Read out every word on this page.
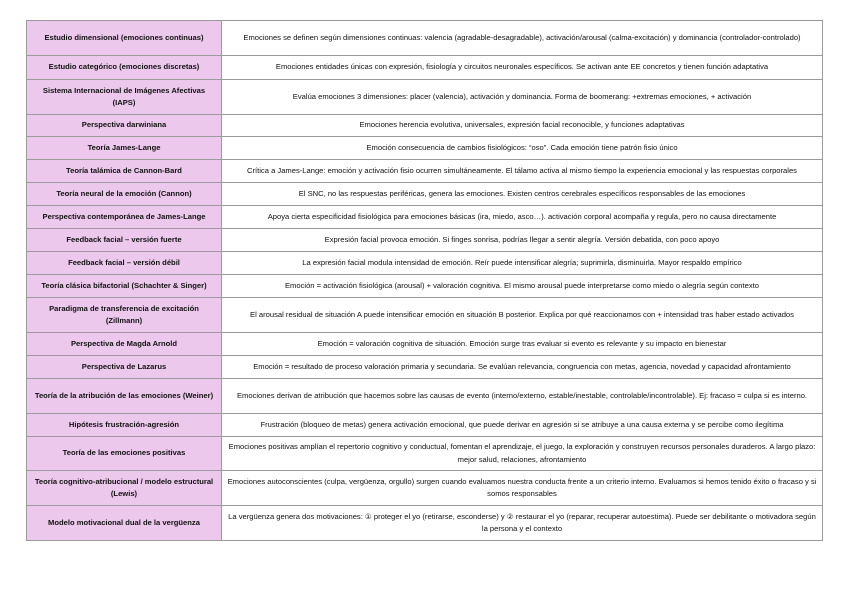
Estudio dimensional (emociones continuas)	Emociones se definen según dimensiones continuas: valencia (agradable-desagradable), activación/arousal (calma-excitación) y dominancia (controlador-controlado)
Estudio categórico (emociones discretas)	Emociones entidades únicas con expresión, fisiología y circuitos neuronales específicos. Se activan ante EE concretos y tienen función adaptativa
Sistema Internacional de Imágenes Afectivas (IAPS)	Evalúa emociones 3 dimensiones: placer (valencia), activación y dominancia. Forma de boomerang: +extremas emociones, + activación
Perspectiva darwiniana	Emociones herencia evolutiva, universales, expresión facial reconocible, y funciones adaptativas
Teoría James-Lange	Emoción consecuencia de cambios fisiológicos: “oso”. Cada emoción tiene patrón fisio único
Teoría talámica de Cannon-Bard	Crítica a James-Lange: emoción y activación fisio ocurren simultáneamente. El tálamo activa al mismo tiempo la experiencia emocional y las respuestas corporales
Teoría neural de la emoción (Cannon)	El SNC, no las respuestas periféricas, genera las emociones. Existen centros cerebrales específicos responsables de las emociones
Perspectiva contemporánea de James-Lange	Apoya cierta especificidad fisiológica para emociones básicas (ira, miedo, asco…). activación corporal acompaña y regula, pero no causa directamente
Feedback facial – versión fuerte	Expresión facial provoca emoción. Si finges sonrisa, podrías llegar a sentir alegría. Versión debatida, con poco apoyo
Feedback facial – versión débil	La expresión facial modula intensidad de emoción. Reír puede intensificar alegría; suprimirla, disminuirla. Mayor respaldo empírico
Teoría clásica bifactorial (Schachter & Singer)	Emoción = activación fisiológica (arousal) + valoración cognitiva. El mismo arousal puede interpretarse como miedo o alegría según contexto
Paradigma de transferencia de excitación (Zillmann)	El arousal residual de situación A puede intensificar emoción en situación B posterior. Explica por qué reaccionamos con + intensidad tras haber estado activados
Perspectiva de Magda Arnold	Emoción = valoración cognitiva de situación. Emoción surge tras evaluar si evento es relevante y su impacto en bienestar
Perspectiva de Lazarus	Emoción = resultado de proceso valoración primaria y secundaria. Se evalúan relevancia, congruencia con metas, agencia, novedad y capacidad afrontamiento
Teoría de la atribución de las emociones (Weiner)	Emociones derivan de atribución que hacemos sobre las causas de evento (interno/externo, estable/inestable, controlable/incontrolable). Ej: fracaso = culpa si es interno.
Hipótesis frustración-agresión	Frustración (bloqueo de metas) genera activación emocional, que puede derivar en agresión si se atribuye a una causa externa y se percibe como ilegítima
Teoría de las emociones positivas	Emociones positivas amplían el repertorio cognitivo y conductual, fomentan el aprendizaje, el juego, la exploración y construyen recursos personales duraderos. A largo plazo: mejor salud, relaciones, afrontamiento
Teoría cognitivo-atribucional / modelo estructural (Lewis)	Emociones autoconscientes (culpa, vergüenza, orgullo) surgen cuando evaluamos nuestra conducta frente a un criterio interno. Evaluamos si hemos tenido éxito o fracaso y si somos responsables
Modelo motivacional dual de la vergüenza	La vergüenza genera dos motivaciones: ① proteger el yo (retirarse, esconderse) y ② restaurar el yo (reparar, recuperar autoestima). Puede ser debilitante o motivadora según la persona y el contexto
